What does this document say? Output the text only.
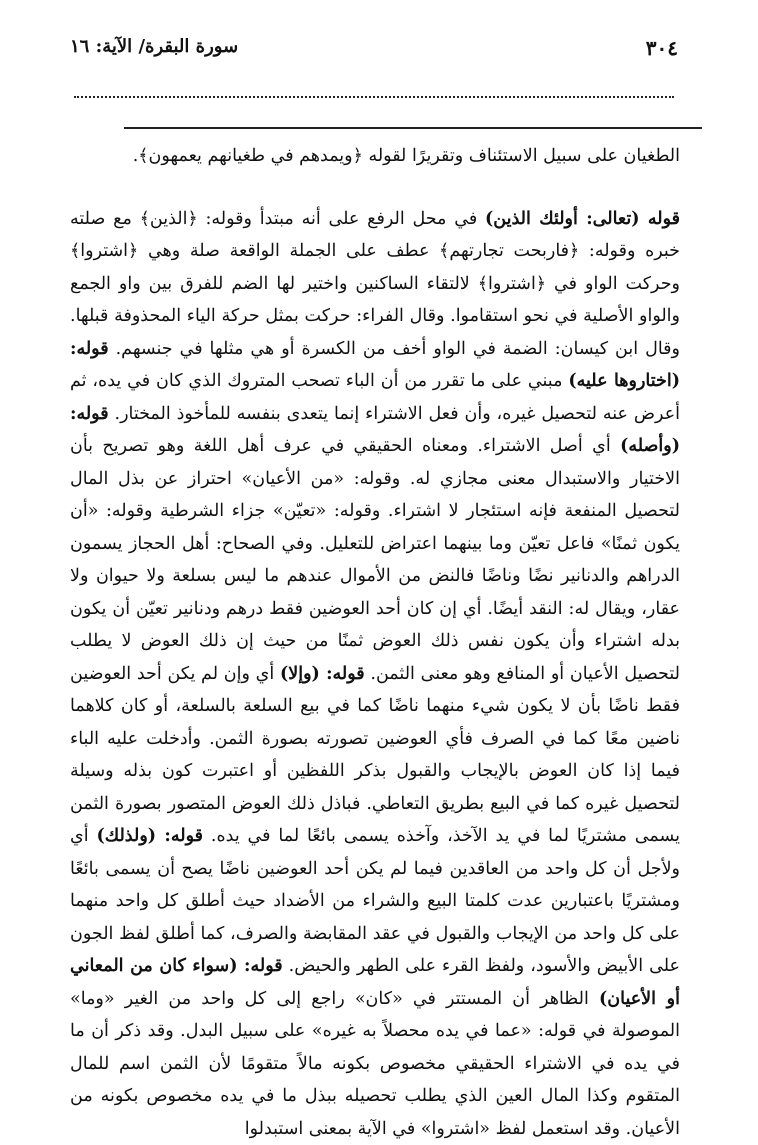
٣٠٤
سورة البقرة/ الآية: ١٦

الطغيان على سبيل الاستئناف وتقريرًا لقوله ﴿ويمدهم في طغيانهم يعمهون﴾.

قوله (تعالى: أولئك الذين) في محل الرفع على أنه مبتدأ وقوله: ﴿الذين﴾ مع صلته خبره وقوله: ﴿فاربحت تجارتهم﴾ عطف على الجملة الواقعة صلة وهي ﴿اشتروا﴾ وحركت الواو في ﴿اشتروا﴾ لالتقاء الساكنين واختير لها الضم للفرق بين واو الجمع والواو الأصلية في نحو استقاموا. وقال الفراء: حركت بمثل حركة الياء المحذوفة قبلها. وقال ابن كيسان: الضمة في الواو أخف من الكسرة أو هي مثلها في جنسهم. قوله: (اختاروها عليه) مبني على ما تقرر من أن الباء تصحب المتروك الذي كان في يده، ثم أعرض عنه لتحصيل غيره، وأن فعل الاشتراء إنما يتعدى بنفسه للمأخوذ المختار. قوله: (وأصله) أي أصل الاشتراء. ومعناه الحقيقي في عرف أهل اللغة وهو تصريح بأن الاختيار والاستبدال معنى مجازي له. وقوله: «من الأعيان» احتراز عن بذل المال لتحصيل المنفعة فإنه استئجار لا اشتراء. وقوله: «تعيّن» جزاء الشرطية وقوله: «أن يكون ثمنًا» فاعل تعيّن وما بينهما اعتراض للتعليل. وفي الصحاح: أهل الحجاز يسمون الدراهم والدنانير نضًا وناضًا فالنض من الأموال عندهم ما ليس بسلعة ولا حيوان ولا عقار، ويقال له: النقد أيضًا. أي إن كان أحد العوضين فقط درهم ودنانير تعيّن أن يكون بدله اشتراء وأن يكون نفس ذلك العوض ثمنًا من حيث إن ذلك العوض لا يطلب لتحصيل الأعيان أو المنافع وهو معنى الثمن. قوله: (وإلا) أي وإن لم يكن أحد العوضين فقط ناضًا بأن لا يكون شيء منهما ناضًا كما في بيع السلعة بالسلعة، أو كان كلاهما ناضين معًا كما في الصرف فأي العوضين تصورته بصورة الثمن. وأدخلت عليه الباء فيما إذا كان العوض بالإيجاب والقبول بذكر اللفظين أو اعتبرت كون بذله وسيلة لتحصيل غيره كما في البيع بطريق التعاطي. فباذل ذلك العوض المتصور بصورة الثمن يسمى مشتريًا لما في يد الآخذ، وآخذه يسمى بائعًا لما في يده. قوله: (ولذلك) أي ولأجل أن كل واحد من العاقدين فيما لم يكن أحد العوضين ناضًا يصح أن يسمى بائعًا ومشتريًا باعتبارين عدت كلمتا البيع والشراء من الأضداد حيث أطلق كل واحد منهما على كل واحد من الإيجاب والقبول في عقد المقابضة والصرف، كما أطلق لفظ الجون على الأبيض والأسود، ولفظ القرء على الطهر والحيض. قوله: (سواء كان من المعاني أو الأعيان) الظاهر أن المستتر في «كان» راجع إلى كل واحد من الغير «وما» الموصولة في قوله: «عما في يده محصلاً به غيره» على سبيل البدل. وقد ذكر أن ما في يده في الاشتراء الحقيقي مخصوص بكونه مالاً متقومًا لأن الثمن اسم للمال المتقوم وكذا المال العين الذي يطلب تحصيله ببذل ما في يده مخصوص بكونه من الأعيان. وقد استعمل لفظ «اشتروا» في الآية بمعنى استبدلوا
